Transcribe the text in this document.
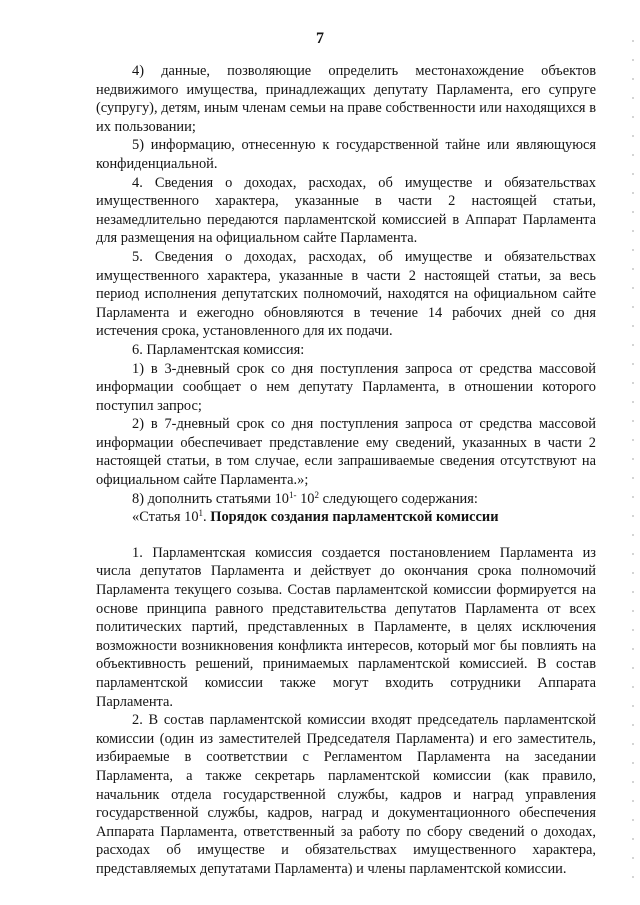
7

4) данные, позволяющие определить местонахождение объектов недвижимого имущества, принадлежащих депутату Парламента, его супруге (супругу), детям, иным членам семьи на праве собственности или находящихся в их пользовании;

5) информацию, отнесенную к государственной тайне или являющуюся конфиденциальной.

4. Сведения о доходах, расходах, об имуществе и обязательствах имущественного характера, указанные в части 2 настоящей статьи, незамедлительно передаются парламентской комиссией в Аппарат Парламента для размещения на официальном сайте Парламента.

5. Сведения о доходах, расходах, об имуществе и обязательствах имущественного характера, указанные в части 2 настоящей статьи, за весь период исполнения депутатских полномочий, находятся на официальном сайте Парламента и ежегодно обновляются в течение 14 рабочих дней со дня истечения срока, установленного для их подачи.

6. Парламентская комиссия:

1) в 3-дневный срок со дня поступления запроса от средства массовой информации сообщает о нем депутату Парламента, в отношении которого поступил запрос;

2) в 7-дневный срок со дня поступления запроса от средства массовой информации обеспечивает представление ему сведений, указанных в части 2 настоящей статьи, в том случае, если запрашиваемые сведения отсутствуют на официальном сайте Парламента.»;

8) дополнить статьями $10^{1-}$ $10^2$ следующего содержания:

«Статья $10^1$. Порядок создания парламентской комиссии

1. Парламентская комиссия создается постановлением Парламента из числа депутатов Парламента и действует до окончания срока полномочий Парламента текущего созыва. Состав парламентской комиссии формируется на основе принципа равного представительства депутатов Парламента от всех политических партий, представленных в Парламенте, в целях исключения возможности возникновения конфликта интересов, который мог бы повлиять на объективность решений, принимаемых парламентской комиссией. В состав парламентской комиссии также могут входить сотрудники Аппарата Парламента.

2. В состав парламентской комиссии входят председатель парламентской комиссии (один из заместителей Председателя Парламента) и его заместитель, избираемые в соответствии с Регламентом Парламента на заседании Парламента, а также секретарь парламентской комиссии (как правило, начальник отдела государственной службы, кадров и наград управления государственной службы, кадров, наград и документационного обеспечения Аппарата Парламента, ответственный за работу по сбору сведений о доходах, расходах об имуществе и обязательствах имущественного характера, представляемых депутатами Парламента) и члены парламентской комиссии.
